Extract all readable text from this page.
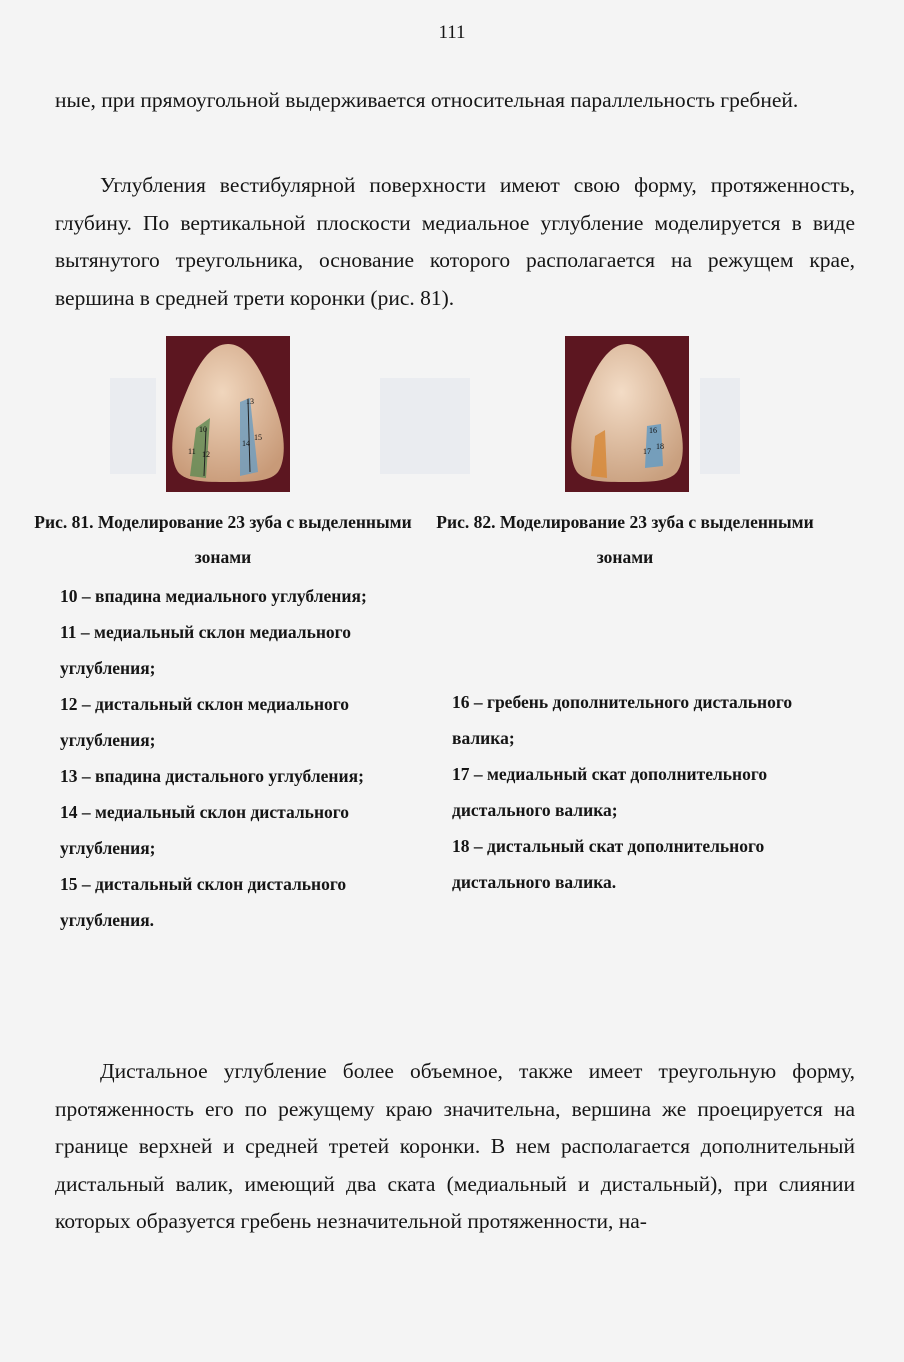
111

ные, при прямоугольной выдерживается относительная параллельность гребней.

Углубления вестибулярной поверхности имеют свою форму, протяженность, глубину. По вертикальной плоскости медиальное углубление моделируется в виде вытянутого треугольника, основание которого располагается на режущем крае, вершина в средней трети коронки (рис. 81).

10
11 12
13
14
15
16
17
18

Рис. 81. Моделирование 23 зуба с выделенными зонами

Рис. 82. Моделирование 23 зуба с выделенными зонами

10 – впадина медиального углубления;
11 – медиальный склон медиального углубления;
12 – дистальный склон медиального углубления;
13 – впадина дистального углубления;
14 – медиальный склон дистального углубления;
15 – дистальный склон дистального углубления.
16 – гребень дополнительного дистального валика;
17 – медиальный скат дополнительного дистального валика;
18 – дистальный скат дополнительного дистального валика.

Дистальное углубление более объемное, также имеет треугольную форму, протяженность его по режущему краю значительна, вершина же проецируется на границе верхней и средней третей коронки. В нем располагается дополнительный дистальный валик, имеющий два ската (медиальный и дистальный), при слиянии которых образуется гребень незначительной протяженности, на-
